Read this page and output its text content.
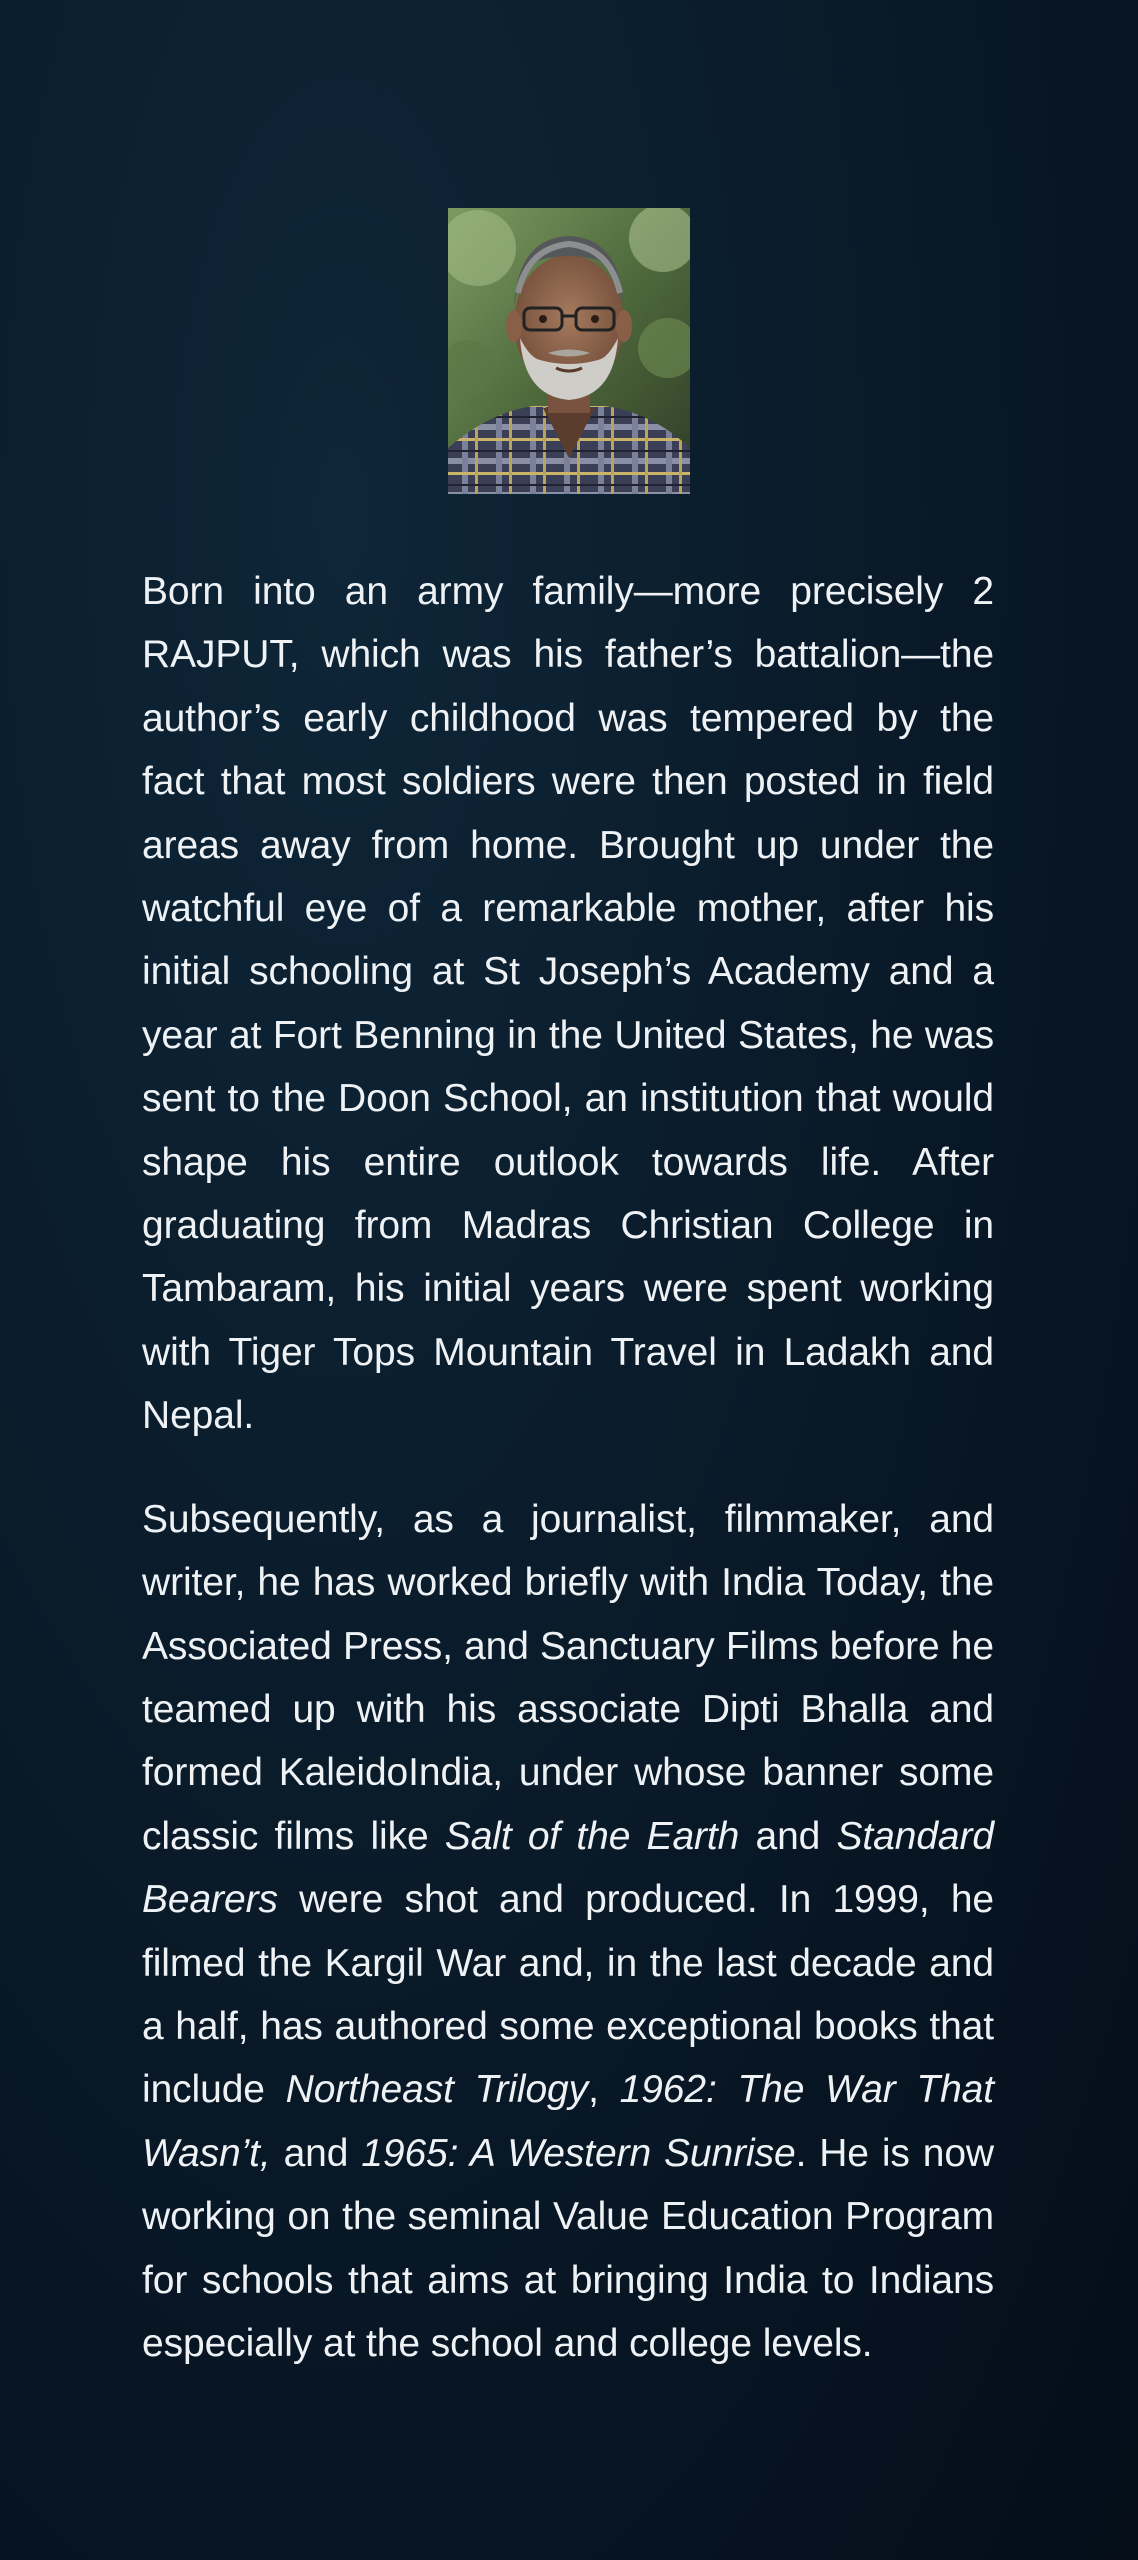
Born into an army family—more precisely 2 RAJPUT, which was his father’s battalion—the author’s early childhood was tempered by the fact that most soldiers were then posted in field areas away from home. Brought up under the watchful eye of a remarkable mother, after his initial schooling at St Joseph’s Academy and a year at Fort Benning in the United States, he was sent to the Doon School, an institution that would shape his entire outlook towards life. After graduating from Madras Christian College in Tambaram, his initial years were spent working with Tiger Tops Mountain Travel in Ladakh and Nepal.

Subsequently, as a journalist, filmmaker, and writer, he has worked briefly with India Today, the Associated Press, and Sanctuary Films before he teamed up with his associate Dipti Bhalla and formed KaleidoIndia, under whose banner some classic films like Salt of the Earth and Standard Bearers were shot and produced. In 1999, he filmed the Kargil War and, in the last decade and a half, has authored some exceptional books that include Northeast Trilogy, 1962: The War That Wasn’t, and 1965: A Western Sunrise. He is now working on the seminal Value Education Program for schools that aims at bringing India to Indians especially at the school and college levels.
